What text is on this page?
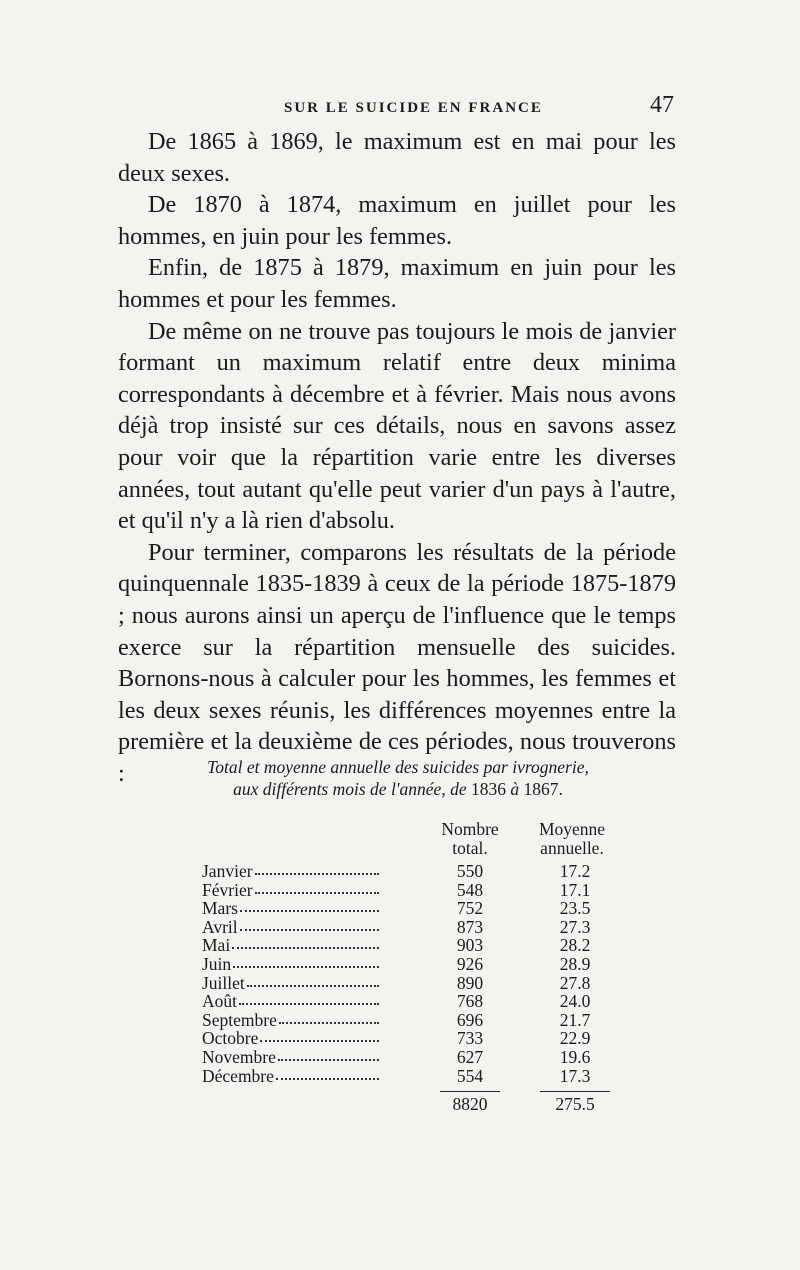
SUR LE SUICIDE EN FRANCE	47

De 1865 à 1869, le maximum est en mai pour les deux sexes.

De 1870 à 1874, maximum en juillet pour les hommes, en juin pour les femmes.

Enfin, de 1875 à 1879, maximum en juin pour les hommes et pour les femmes.

De même on ne trouve pas toujours le mois de janvier formant un maximum relatif entre deux minima correspondants à décembre et à février. Mais nous avons déjà trop insisté sur ces détails, nous en savons assez pour voir que la répartition varie entre les diverses années, tout autant qu'elle peut varier d'un pays à l'autre, et qu'il n'y a là rien d'absolu.

Pour terminer, comparons les résultats de la période quinquennale 1835-1839 à ceux de la période 1875-1879 ; nous aurons ainsi un aperçu de l'influence que le temps exerce sur la répartition mensuelle des suicides. Bornons-nous à calculer pour les hommes, les femmes et les deux sexes réunis, les différences moyennes entre la première et la deuxième de ces périodes, nous trouverons :	Total et moyenne annuelle des suicides par ivrognerie,
aux différents mois de l'année, de 1836 à 1867.
Nombre
total.
Moyenne
annuelle.
Janvier	550	17.2
Février	548	17.1
Mars	752	23.5
Avril	873	27.3
Mai	903	28.2
Juin	926	28.9
Juillet	890	27.8
Août	768	24.0
Septembre	696	21.7
Octobre	733	22.9
Novembre	627	19.6
Décembre	554	17.3
8820	275.5
